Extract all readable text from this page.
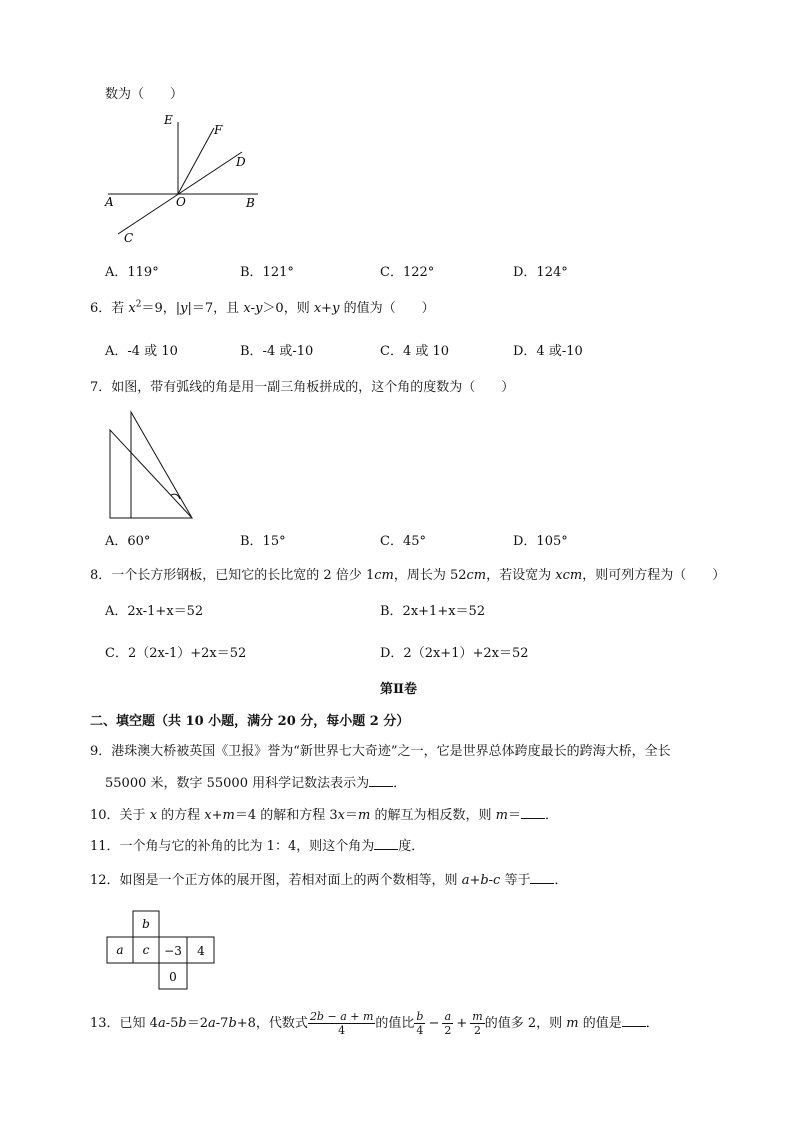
数为（　　）
E
F
D
A	O	B
C
A．119°	B．121°	C．122°	D．124°
6．若 $x^2=9$，|y|＝7，且 x-y＞0，则 x+y 的值为（　　）
A．-4 或 10	B．-4 或-10	C．4 或 10	D．4 或-10
7．如图，带有弧线的角是用一副三角板拼成的，这个角的度数为（　　）
A．60°	B．15°	C．45°	D．105°
8．一个长方形钢板，已知它的长比宽的 2 倍少 1cm，周长为 52cm，若设宽为 xcm，则可列方程为（　　）
A．2x-1+x＝52	B．2x+1+x＝52
C．2（2x-1）+2x＝52	D．2（2x+1）+2x＝52
第Ⅱ卷
二、填空题（共 10 小题，满分 20 分，每小题 2 分）
9．港珠澳大桥被英国《卫报》誉为“新世界七大奇迹”之一，它是世界总体跨度最长的跨海大桥，全长
55000 米，数字 55000 用科学记数法表示为 ．
10．关于 x 的方程 x+m＝4 的解和方程 3x＝m 的解互为相反数，则 m＝ ．
11．一个角与它的补角的比为 1：4，则这个角为 度．
12．如图是一个正方体的展开图，若相对面上的两个数相等，则 a+b-c 等于 ．
b
a c −3 4
0
13．已知 4a-5b＝2a-7b+8，代数式 $\frac{2b - a + m}{4}$ 的值比 $\frac{b}{4} - \frac{a}{2} + \frac{m}{2}$ 的值多 2，则 m 的值是 ．
